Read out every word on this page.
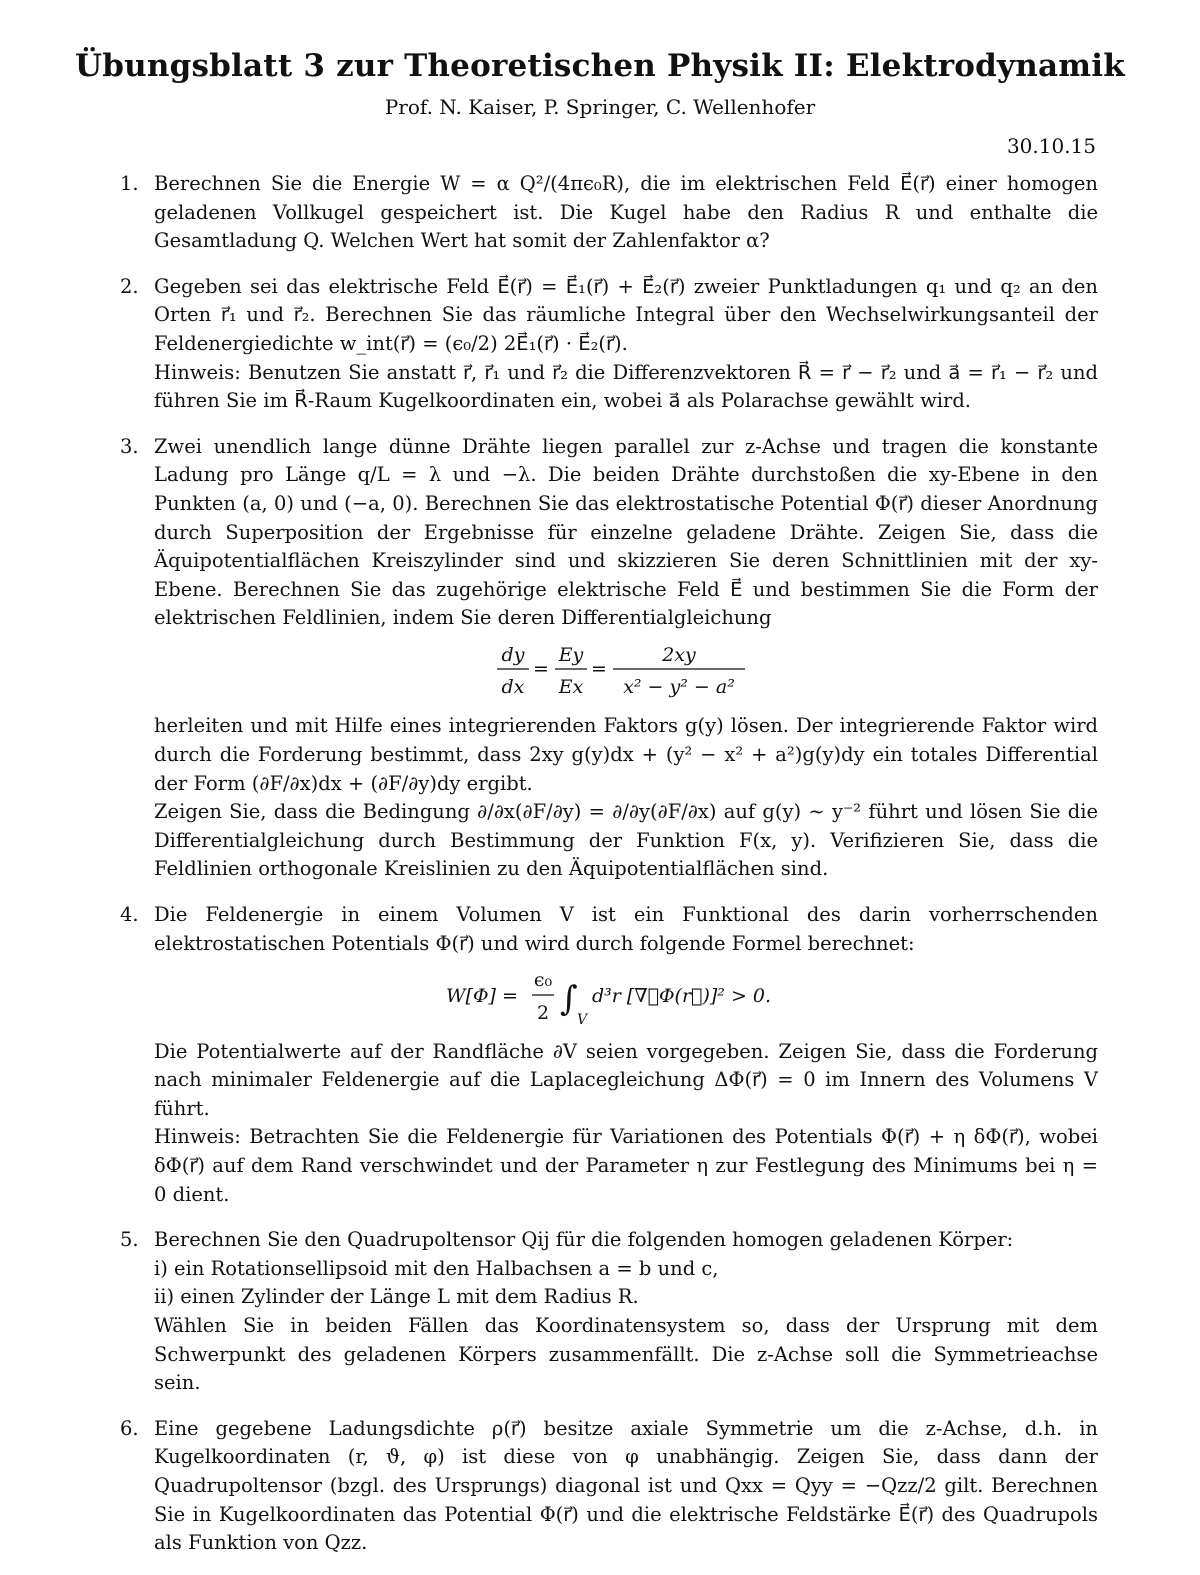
Übungsblatt 3 zur Theoretischen Physik II: Elektrodynamik
Prof. N. Kaiser, P. Springer, C. Wellenhofer
30.10.15
1. Berechnen Sie die Energie W = α Q²/(4πϵ₀R), die im elektrischen Feld E⃗(r⃗) einer homogen geladenen Vollkugel gespeichert ist. Die Kugel habe den Radius R und enthalte die Gesamtladung Q. Welchen Wert hat somit der Zahlenfaktor α?

2. Gegeben sei das elektrische Feld E⃗(r⃗) = E⃗₁(r⃗) + E⃗₂(r⃗) zweier Punktladungen q₁ und q₂ an den Orten r⃗₁ und r⃗₂. Berechnen Sie das räumliche Integral über den Wechselwirkungsanteil der Feldenergiedichte w_int(r⃗) = (ϵ₀/2) 2E⃗₁(r⃗) · E⃗₂(r⃗).

Hinweis: Benutzen Sie anstatt r⃗, r⃗₁ und r⃗₂ die Differenzvektoren R⃗ = r⃗ − r⃗₂ und a⃗ = r⃗₁ − r⃗₂ und führen Sie im R⃗-Raum Kugelkoordinaten ein, wobei a⃗ als Polarachse gewählt wird.

3. Zwei unendlich lange dünne Drähte liegen parallel zur z-Achse und tragen die konstante Ladung pro Länge q/L = λ und −λ. Die beiden Drähte durchstoßen die xy-Ebene in den Punkten (a, 0) und (−a, 0). Berechnen Sie das elektrostatische Potential Φ(r⃗) dieser Anordnung durch Superposition der Ergebnisse für einzelne geladene Drähte. Zeigen Sie, dass die Äquipotentialflächen Kreiszylinder sind und skizzieren Sie deren Schnittlinien mit der xy-Ebene. Berechnen Sie das zugehörige elektrische Feld E⃗ und bestimmen Sie die Form der elektrischen Feldlinien, indem Sie deren Differentialgleichung

dy
dx
=
Ey
Ex
=
2xy
x² − y² − a²

herleiten und mit Hilfe eines integrierenden Faktors g(y) lösen. Der integrierende Faktor wird durch die Forderung bestimmt, dass 2xy g(y)dx + (y² − x² + a²)g(y)dy ein totales Differential der Form (∂F/∂x)dx + (∂F/∂y)dy ergibt.

Zeigen Sie, dass die Bedingung ∂/∂x(∂F/∂y) = ∂/∂y(∂F/∂x) auf g(y) ∼ y⁻² führt und lösen Sie die Differentialgleichung durch Bestimmung der Funktion F(x, y). Verifizieren Sie, dass die Feldlinien orthogonale Kreislinien zu den Äquipotentialflächen sind.

4. Die Feldenergie in einem Volumen V ist ein Funktional des darin vorherrschenden elektrostatischen Potentials Φ(r⃗) und wird durch folgende Formel berechnet:

W[Φ] =
ϵ₀
2 ∫
V
d³r [∇⃗Φ(r⃗)]² > 0.

Die Potentialwerte auf der Randfläche ∂V seien vorgegeben. Zeigen Sie, dass die Forderung nach minimaler Feldenergie auf die Laplacegleichung ΔΦ(r⃗) = 0 im Innern des Volumens V führt.

Hinweis: Betrachten Sie die Feldenergie für Variationen des Potentials Φ(r⃗) + η δΦ(r⃗), wobei δΦ(r⃗) auf dem Rand verschwindet und der Parameter η zur Festlegung des Minimums bei η = 0 dient.

5. Berechnen Sie den Quadrupoltensor Qij für die folgenden homogen geladenen Körper:

i) ein Rotationsellipsoid mit den Halbachsen a = b und c,

ii) einen Zylinder der Länge L mit dem Radius R.

Wählen Sie in beiden Fällen das Koordinatensystem so, dass der Ursprung mit dem Schwerpunkt des geladenen Körpers zusammenfällt. Die z-Achse soll die Symmetrieachse sein.

6. Eine gegebene Ladungsdichte ρ(r⃗) besitze axiale Symmetrie um die z-Achse, d.h. in Kugelkoordinaten (r, ϑ, φ) ist diese von φ unabhängig. Zeigen Sie, dass dann der Quadrupoltensor (bzgl. des Ursprungs) diagonal ist und Qxx = Qyy = −Qzz/2 gilt. Berechnen Sie in Kugelkoordinaten das Potential Φ(r⃗) und die elektrische Feldstärke E⃗(r⃗) des Quadrupols als Funktion von Qzz.
